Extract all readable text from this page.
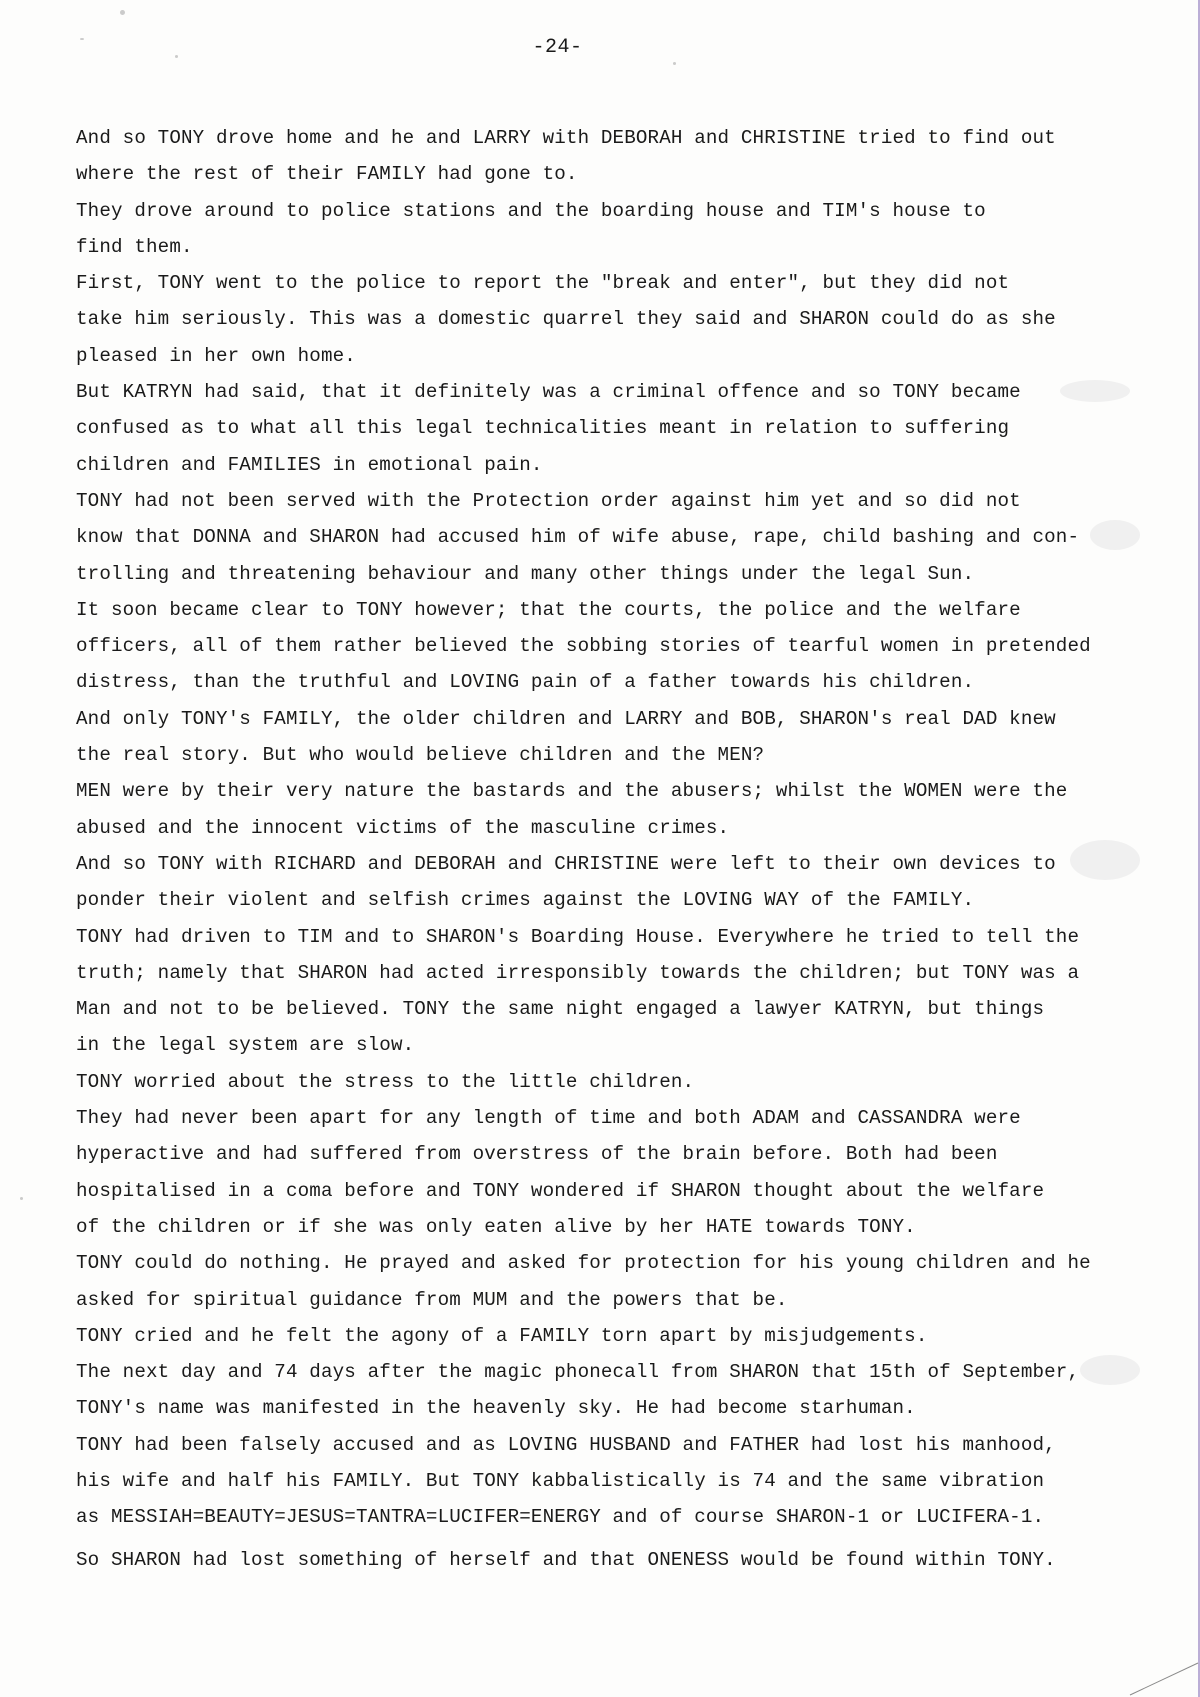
-24-
And so TONY drove home and he and LARRY with DEBORAH and CHRISTINE tried to find out
where the rest of their FAMILY had gone to.
They drove around to police stations and the boarding house and TIM's house to
find them.
First, TONY went to the police to report the "break and enter", but they did not
take him seriously. This was a domestic quarrel they said and SHARON could do as she
pleased in her own home.
But KATRYN had said, that it definitely was a criminal offence and so TONY became
confused as to what all this legal technicalities meant in relation to suffering
children and FAMILIES in emotional pain.
TONY had not been served with the Protection order against him yet and so did not
know that DONNA and SHARON had accused him of wife abuse, rape, child bashing and con-
trolling and threatening behaviour and many other things under the legal Sun.
It soon became clear to TONY however; that the courts, the police and the welfare
officers, all of them rather believed the sobbing stories of tearful women in pretended
distress, than the truthful and LOVING pain of a father towards his children.
And only TONY's FAMILY, the older children and LARRY and BOB, SHARON's real DAD knew
the real story. But who would believe children and the MEN?
MEN were by their very nature the bastards and the abusers; whilst the WOMEN were the
abused and the innocent victims of the masculine crimes.
And so TONY with RICHARD and DEBORAH and CHRISTINE were left to their own devices to
ponder their violent and selfish crimes against the LOVING WAY of the FAMILY.
TONY had driven to TIM and to SHARON's Boarding House. Everywhere he tried to tell the
truth; namely that SHARON had acted irresponsibly towards the children; but TONY was a
Man and not to be believed. TONY the same night engaged a lawyer KATRYN, but things
in the legal system are slow.
TONY worried about the stress to the little children.
They had never been apart for any length of time and both ADAM and CASSANDRA were
hyperactive and had suffered from overstress of the brain before. Both had been
hospitalised in a coma before and TONY wondered if SHARON thought about the welfare
of the children or if she was only eaten alive by her HATE towards TONY.
TONY could do nothing. He prayed and asked for protection for his young children and he
asked for spiritual guidance from MUM and the powers that be.
TONY cried and he felt the agony of a FAMILY torn apart by misjudgements.
The next day and 74 days after the magic phonecall from SHARON that 15th of September,
TONY's name was manifested in the heavenly sky. He had become starhuman.
TONY had been falsely accused and as LOVING HUSBAND and FATHER had lost his manhood,
his wife and half his FAMILY. But TONY kabbalistically is 74 and the same vibration
as MESSIAH=BEAUTY=JESUS=TANTRA=LUCIFER=ENERGY and of course SHARON-1 or LUCIFERA-1.
So SHARON had lost something of herself and that ONENESS would be found within TONY.
